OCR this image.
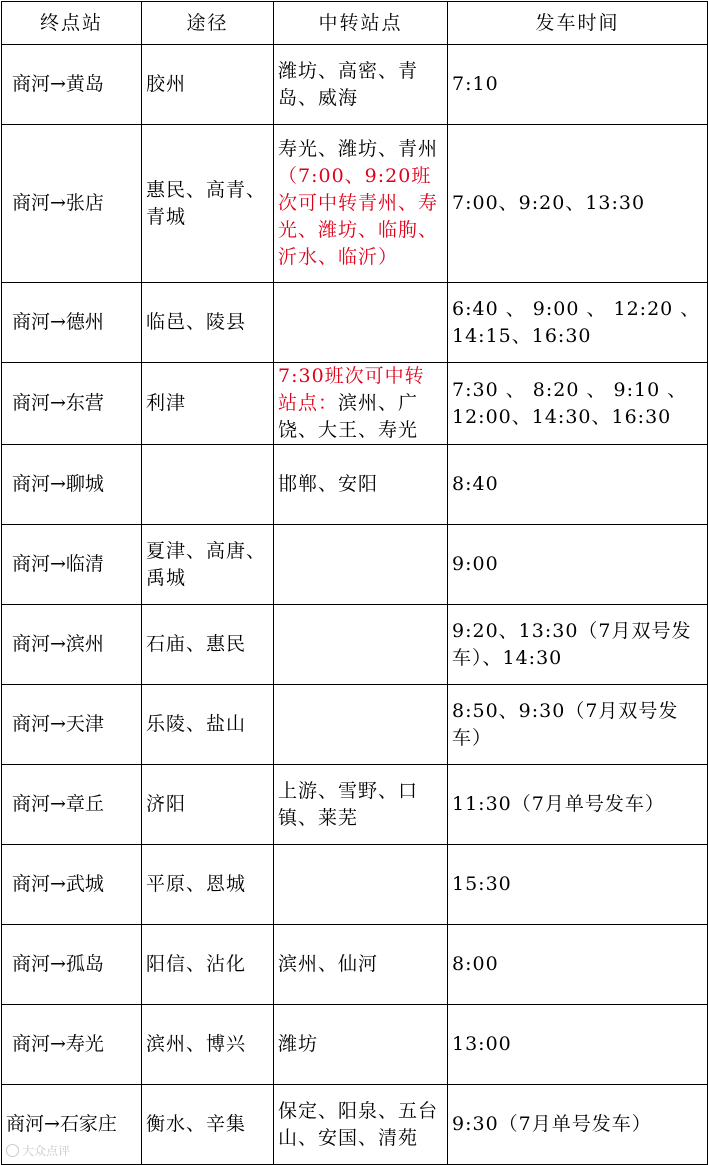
终点站	途径	中转站点	发车时间
商河→黄岛	胶州	潍坊、高密、青岛、威海	7:10
商河→张店	惠民、高青、青城	寿光、潍坊、青州（7:00、9:20班次可中转青州、寿光、潍坊、临朐、沂水、临沂）	7:00、9:20、13:30
商河→德州	临邑、陵县		6:40 、 9:00 、 12:20 、14:15、16:30
商河→东营	利津	7:30班次可中转站点：滨州、广饶、大王、寿光	7:30 、 8:20 、 9:10 、12:00、14:30、16:30
商河→聊城		邯郸、安阳	8:40
商河→临清	夏津、高唐、禹城		9:00
商河→滨州	石庙、惠民		9:20、13:30（7月双号发车）、14:30
商河→天津	乐陵、盐山		8:50、9:30（7月双号发车）
商河→章丘	济阳	上游、雪野、口镇、莱芜	11:30（7月单号发车）
商河→武城	平原、恩城		15:30
商河→孤岛	阳信、沾化	滨州、仙河	8:00
商河→寿光	滨州、博兴	潍坊	13:00
商河→石家庄	衡水、辛集	保定、阳泉、五台山、安国、清苑	9:30（7月单号发车）
大众点评
